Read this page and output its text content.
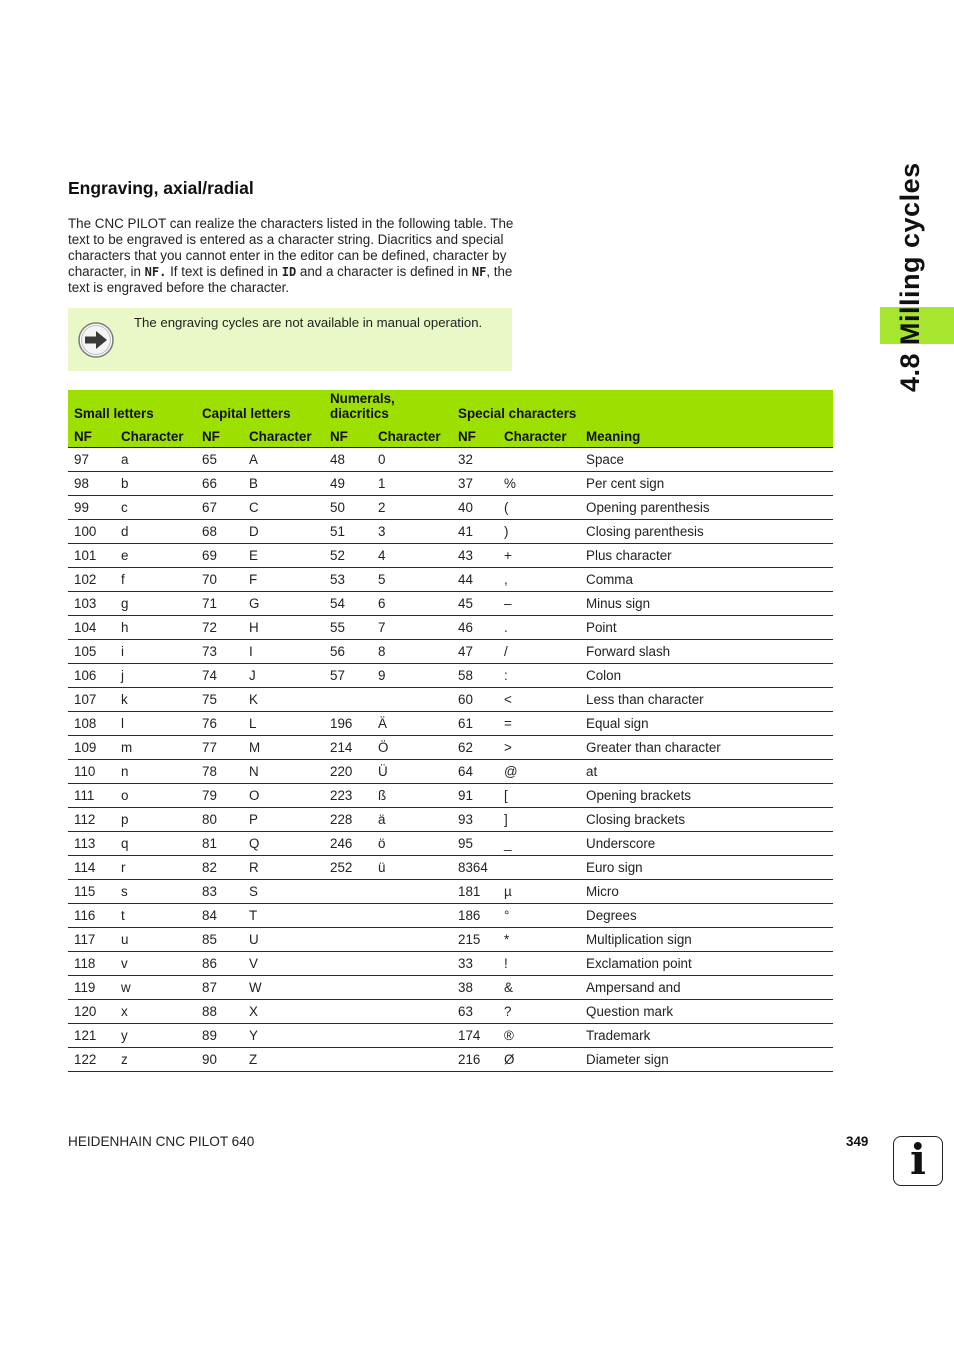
4.8 Milling cycles
Engraving, axial/radial

The CNC PILOT can realize the characters listed in the following table. The text to be engraved is entered as a character string. Diacritics and special characters that you cannot enter in the editor can be defined, character by character, in NF. If text is defined in ID and a character is defined in NF, the text is engraved before the character.

The engraving cycles are not available in manual operation.
Small letters		Capital letters		Numerals, diacritics		Special characters		
NF	Character	NF	Character	NF	Character	NF	Character	Meaning
97	a	65	A	48	0	32		Space
98	b	66	B	49	1	37	%	Per cent sign
99	c	67	C	50	2	40	(	Opening parenthesis
100	d	68	D	51	3	41	)	Closing parenthesis
101	e	69	E	52	4	43	+	Plus character
102	f	70	F	53	5	44	,	Comma
103	g	71	G	54	6	45	–	Minus sign
104	h	72	H	55	7	46	.	Point
105	i	73	I	56	8	47	/	Forward slash
106	j	74	J	57	9	58	:	Colon
107	k	75	K			60	<	Less than character
108	l	76	L	196	Ä	61	=	Equal sign
109	m	77	M	214	Ö	62	>	Greater than character
110	n	78	N	220	Ü	64	@	at
111	o	79	O	223	ß	91	[	Opening brackets
112	p	80	P	228	ä	93	]	Closing brackets
113	q	81	Q	246	ö	95	_	Underscore
114	r	82	R	252	ü	8364		Euro sign
115	s	83	S			181	µ	Micro
116	t	84	T			186	°	Degrees
117	u	85	U			215	*	Multiplication sign
118	v	86	V			33	!	Exclamation point
119	w	87	W			38	&	Ampersand and
120	x	88	X			63	?	Question mark
121	y	89	Y			174	®	Trademark
122	z	90	Z			216	Ø	Diameter sign
HEIDENHAIN CNC PILOT 640	349 i
